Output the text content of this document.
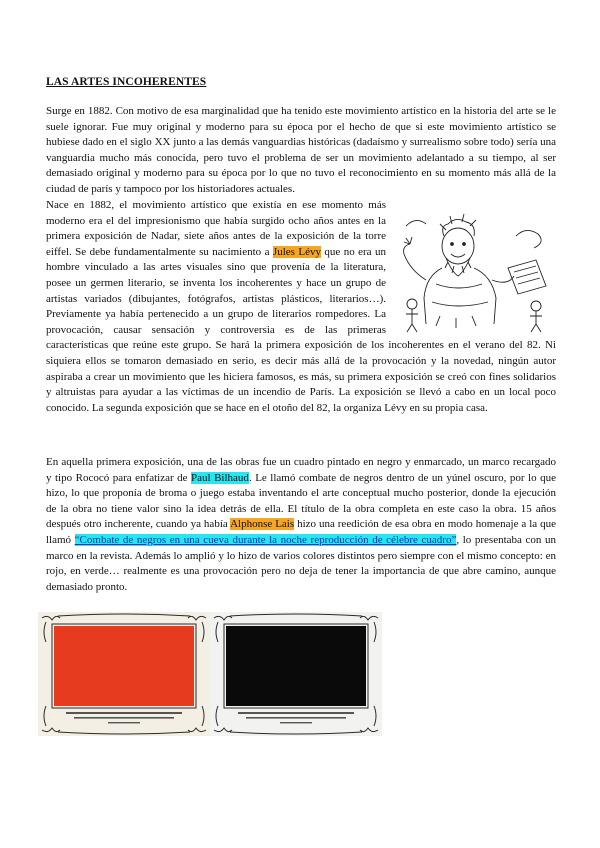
LAS ARTES INCOHERENTES

Surge en 1882. Con motivo de esa marginalidad que ha tenido este movimiento artístico en la historia del arte se le suele ignorar. Fue muy original y moderno para su época por el hecho de que si este movimiento artístico se hubiese dado en el siglo XX junto a las demás vanguardias históricas (dadaísmo y surrealismo sobre todo) sería una vanguardia mucho más conocida, pero tuvo el problema de ser un movimiento adelantado a su tiempo, al ser demasiado original y moderno para su época por lo que no tuvo el reconocimiento en su momento más allá de la ciudad de parís y tampoco por los historiadores actuales.

Nace en 1882, el movimiento artístico que existía en ese momento más moderno era el del impresionismo que había surgido ocho años antes en la primera exposición de Nadar, siete años antes de la exposición de la torre eiffel. Se debe fundamentalmente su nacimiento a Jules Lévy que no era un hombre vinculado a las artes visuales sino que provenía de la literatura, posee un germen literario, se inventa los incoherentes y hace un grupo de artistas variados (dibujantes, fotógrafos, artistas plásticos, literarios…). Previamente ya había pertenecido a un grupo de literarios rompedores. La provocación, causar sensación y controversia es de las primeras características que reúne este grupo. Se hará la primera exposición de los incoherentes en el verano del 82. Ni siquiera ellos se tomaron demasiado en serio, es decir más allá de la provocación y la novedad, ningún autor aspiraba a crear un movimiento que les hiciera famosos, es más, su primera exposición se creó con fines solidarios y altruistas para ayudar a las víctimas de un incendio de París. La exposición se llevó a cabo en un local poco conocido. La segunda exposición que se hace en el otoño del 82, la organiza Lévy en su propia casa.

En aquella primera exposición, una de las obras fue un cuadro pintado en negro y enmarcado, un marco recargado y tipo Rococó para enfatizar de Paul Bilhaud. Le llamó combate de negros dentro de un yúnel oscuro, por lo que hizo, lo que proponía de broma o juego estaba inventando el arte conceptual mucho posterior, donde la ejecución de la obra no tiene valor sino la idea detrás de ella. El título de la obra completa en este caso la obra. 15 años después otro incherente, cuando ya había Alphonse Lais hizo una reedición de esa obra en modo homenaje a la que llamó “Combate de negros en una cueva durante la noche reproducción de célebre cuadro”, lo presentaba con un marco en la revista. Además lo amplió y lo hizo de varios colores distintos pero siempre con el mismo concepto: en rojo, en verde… realmente es una provocación pero no deja de tener la importancia de que abre camino, aunque demasiado pronto.
